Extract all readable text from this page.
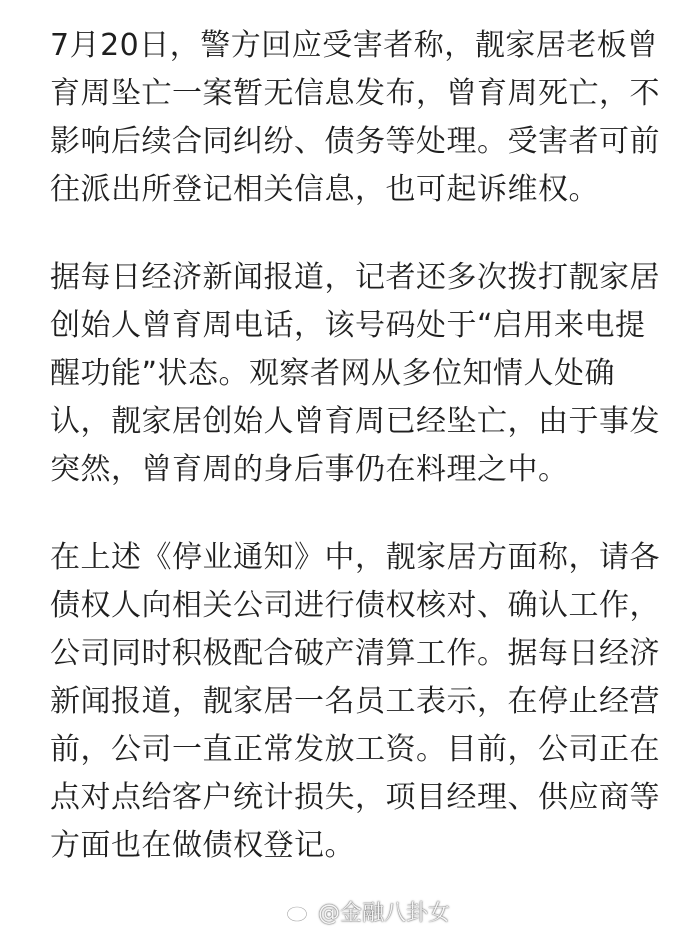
7月20日，警方回应受害者称，靓家居老板曾
育周坠亡一案暂无信息发布，曾育周死亡，不
影响后续合同纠纷、债务等处理。受害者可前
往派出所登记相关信息，也可起诉维权。
据每日经济新闻报道，记者还多次拨打靓家居
创始人曾育周电话，该号码处于“启用来电提
醒功能”状态。观察者网从多位知情人处确
认，靓家居创始人曾育周已经坠亡，由于事发
突然，曾育周的身后事仍在料理之中。
在上述《停业通知》中，靓家居方面称，请各
债权人向相关公司进行债权核对、确认工作，
公司同时积极配合破产清算工作。据每日经济
新闻报道，靓家居一名员工表示，在停止经营
前，公司一直正常发放工资。目前，公司正在
点对点给客户统计损失，项目经理、供应商等
方面也在做债权登记。
@金融八卦女
